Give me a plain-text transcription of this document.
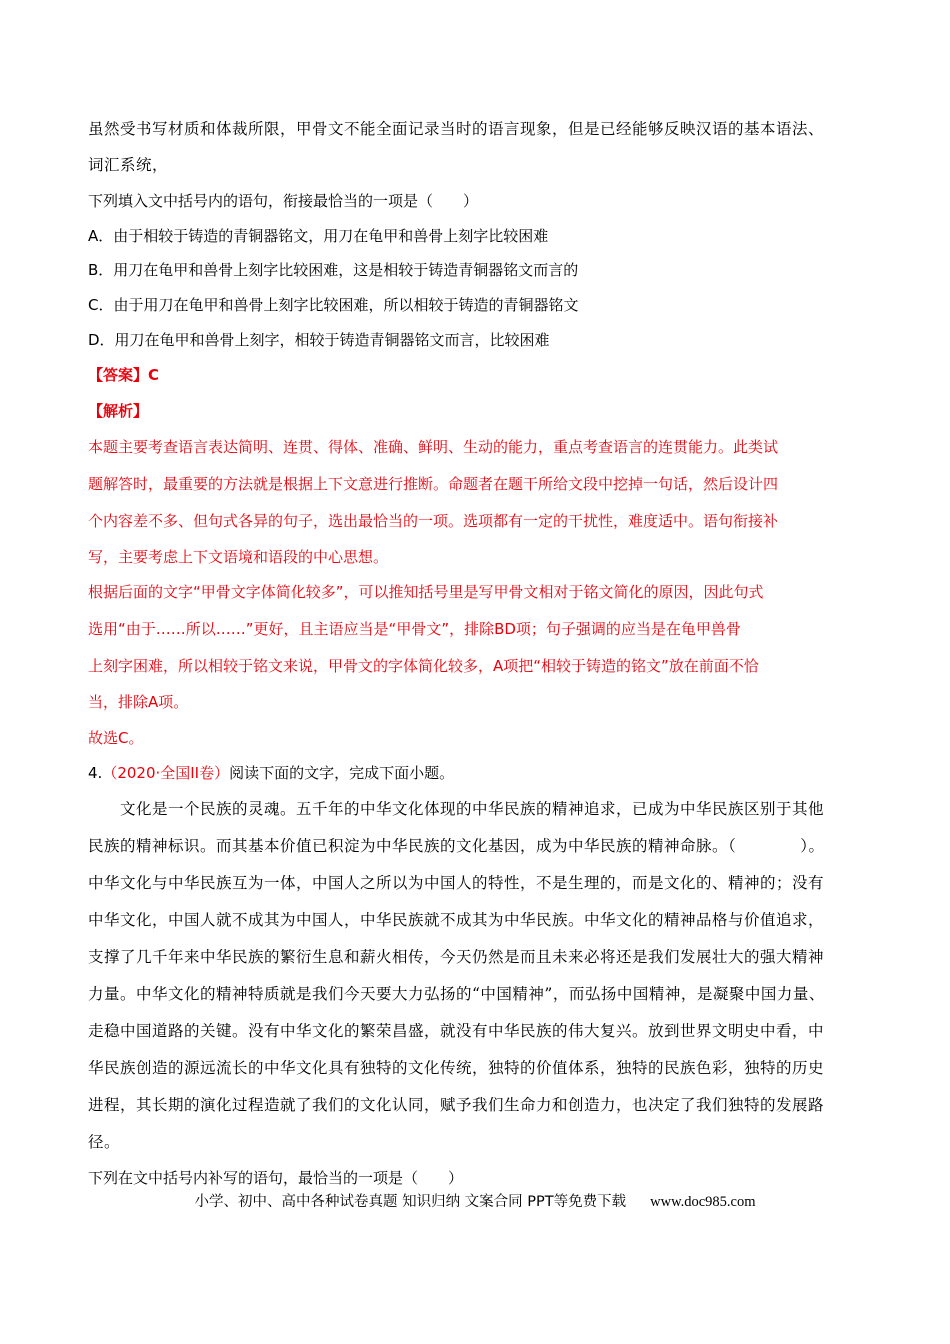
虽然受书写材质和体裁所限，甲骨文不能全面记录当时的语言现象，但是已经能够反映汉语的基本语法、
词汇系统，
下列填入文中括号内的语句，衔接最恰当的一项是（　　）
A．由于相较于铸造的青铜器铭文，用刀在龟甲和兽骨上刻字比较困难
B．用刀在龟甲和兽骨上刻字比较困难，这是相较于铸造青铜器铭文而言的
C．由于用刀在龟甲和兽骨上刻字比较困难，所以相较于铸造的青铜器铭文
D．用刀在龟甲和兽骨上刻字，相较于铸造青铜器铭文而言，比较困难
【答案】C
【解析】
本题主要考查语言表达简明、连贯、得体、准确、鲜明、生动的能力，重点考查语言的连贯能力。此类试
题解答时，最重要的方法就是根据上下文意进行推断。命题者在题干所给文段中挖掉一句话，然后设计四
个内容差不多、但句式各异的句子，选出最恰当的一项。选项都有一定的干扰性，难度适中。语句衔接补
写，主要考虑上下文语境和语段的中心思想。
根据后面的文字“甲骨文字体简化较多”，可以推知括号里是写甲骨文相对于铭文简化的原因，因此句式
选用“由于……所以……”更好，且主语应当是“甲骨文”，排除BD项；句子强调的应当是在龟甲兽骨
上刻字困难，所以相较于铭文来说，甲骨文的字体简化较多，A项把“相较于铸造的铭文”放在前面不恰
当，排除A项。
故选C。
4.（2020·全国II卷）阅读下面的文字，完成下面小题。
文化是一个民族的灵魂。五千年的中华文化体现的中华民族的精神追求，已成为中华民族区别于其他
民族的精神标识。而其基本价值已积淀为中华民族的文化基因，成为中华民族的精神命脉。（　　　　）。
中华文化与中华民族互为一体，中国人之所以为中国人的特性，不是生理的，而是文化的、精神的；没有
中华文化，中国人就不成其为中国人，中华民族就不成其为中华民族。中华文化的精神品格与价值追求，
支撑了几千年来中华民族的繁衍生息和薪火相传，今天仍然是而且未来必将还是我们发展壮大的强大精神
力量。中华文化的精神特质就是我们今天要大力弘扬的“中国精神”，而弘扬中国精神，是凝聚中国力量、
走稳中国道路的关键。没有中华文化的繁荣昌盛，就没有中华民族的伟大复兴。放到世界文明史中看，中
华民族创造的源远流长的中华文化具有独特的文化传统，独特的价值体系，独特的民族色彩，独特的历史
进程，其长期的演化过程造就了我们的文化认同，赋予我们生命力和创造力，也决定了我们独特的发展路
径。
下列在文中括号内补写的语句，最恰当的一项是（　　）
小学、初中、高中各种试卷真题 知识归纳 文案合同 PPT等免费下载 www.doc985.com
